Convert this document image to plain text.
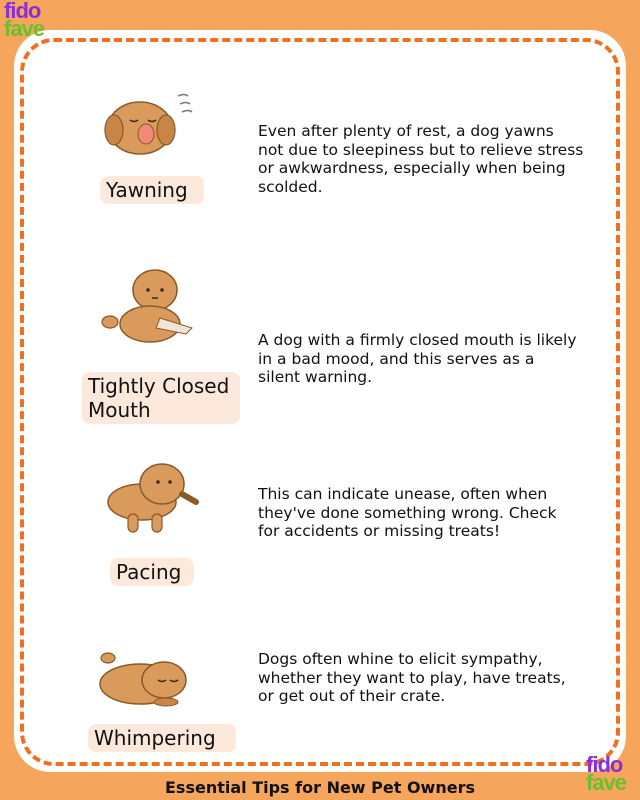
fido
fave
Yawning
Even after plenty of rest, a dog yawns
not due to sleepiness but to relieve stress
or awkwardness, especially when being
scolded.
Tightly Closed
Mouth
A dog with a firmly closed mouth is likely
in a bad mood, and this serves as a
silent warning.
Pacing
This can indicate unease, often when
they've done something wrong. Check
for accidents or missing treats!
Whimpering
Dogs often whine to elicit sympathy,
whether they want to play, have treats,
or get out of their crate.
fido
fave
Essential Tips for New Pet Owners
